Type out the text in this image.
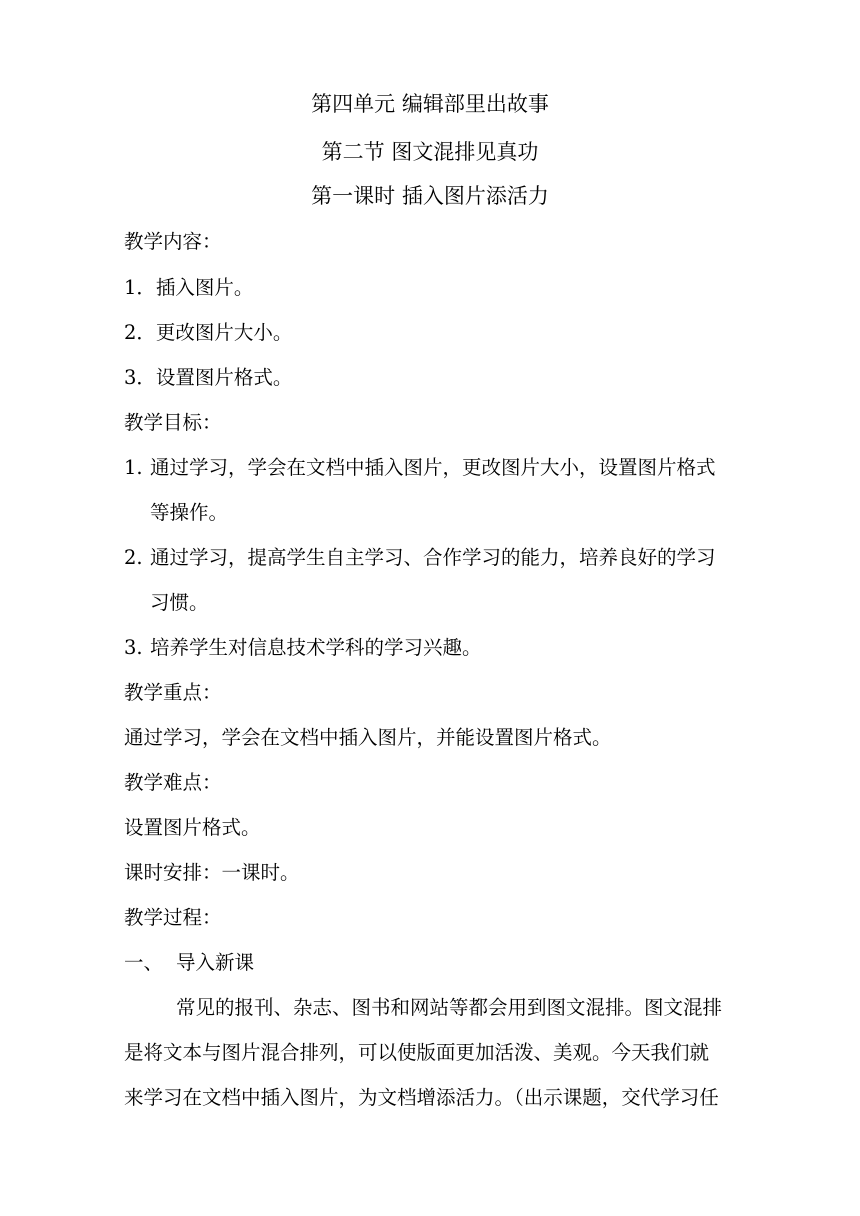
第四单元 编辑部里出故事
第二节 图文混排见真功
第一课时 插入图片添活力
教学内容：
1．插入图片。
2．更改图片大小。
3．设置图片格式。
教学目标：
1. 通过学习，学会在文档中插入图片，更改图片大小，设置图片格式
等操作。
2. 通过学习，提高学生自主学习、合作学习的能力，培养良好的学习
习惯。
3. 培养学生对信息技术学科的学习兴趣。
教学重点：
通过学习，学会在文档中插入图片，并能设置图片格式。
教学难点：
设置图片格式。
课时安排：一课时。
教学过程：
一、 导入新课
常见的报刊、杂志、图书和网站等都会用到图文混排。图文混排
是将文本与图片混合排列，可以使版面更加活泼、美观。今天我们就
来学习在文档中插入图片，为文档增添活力。（出示课题，交代学习任
